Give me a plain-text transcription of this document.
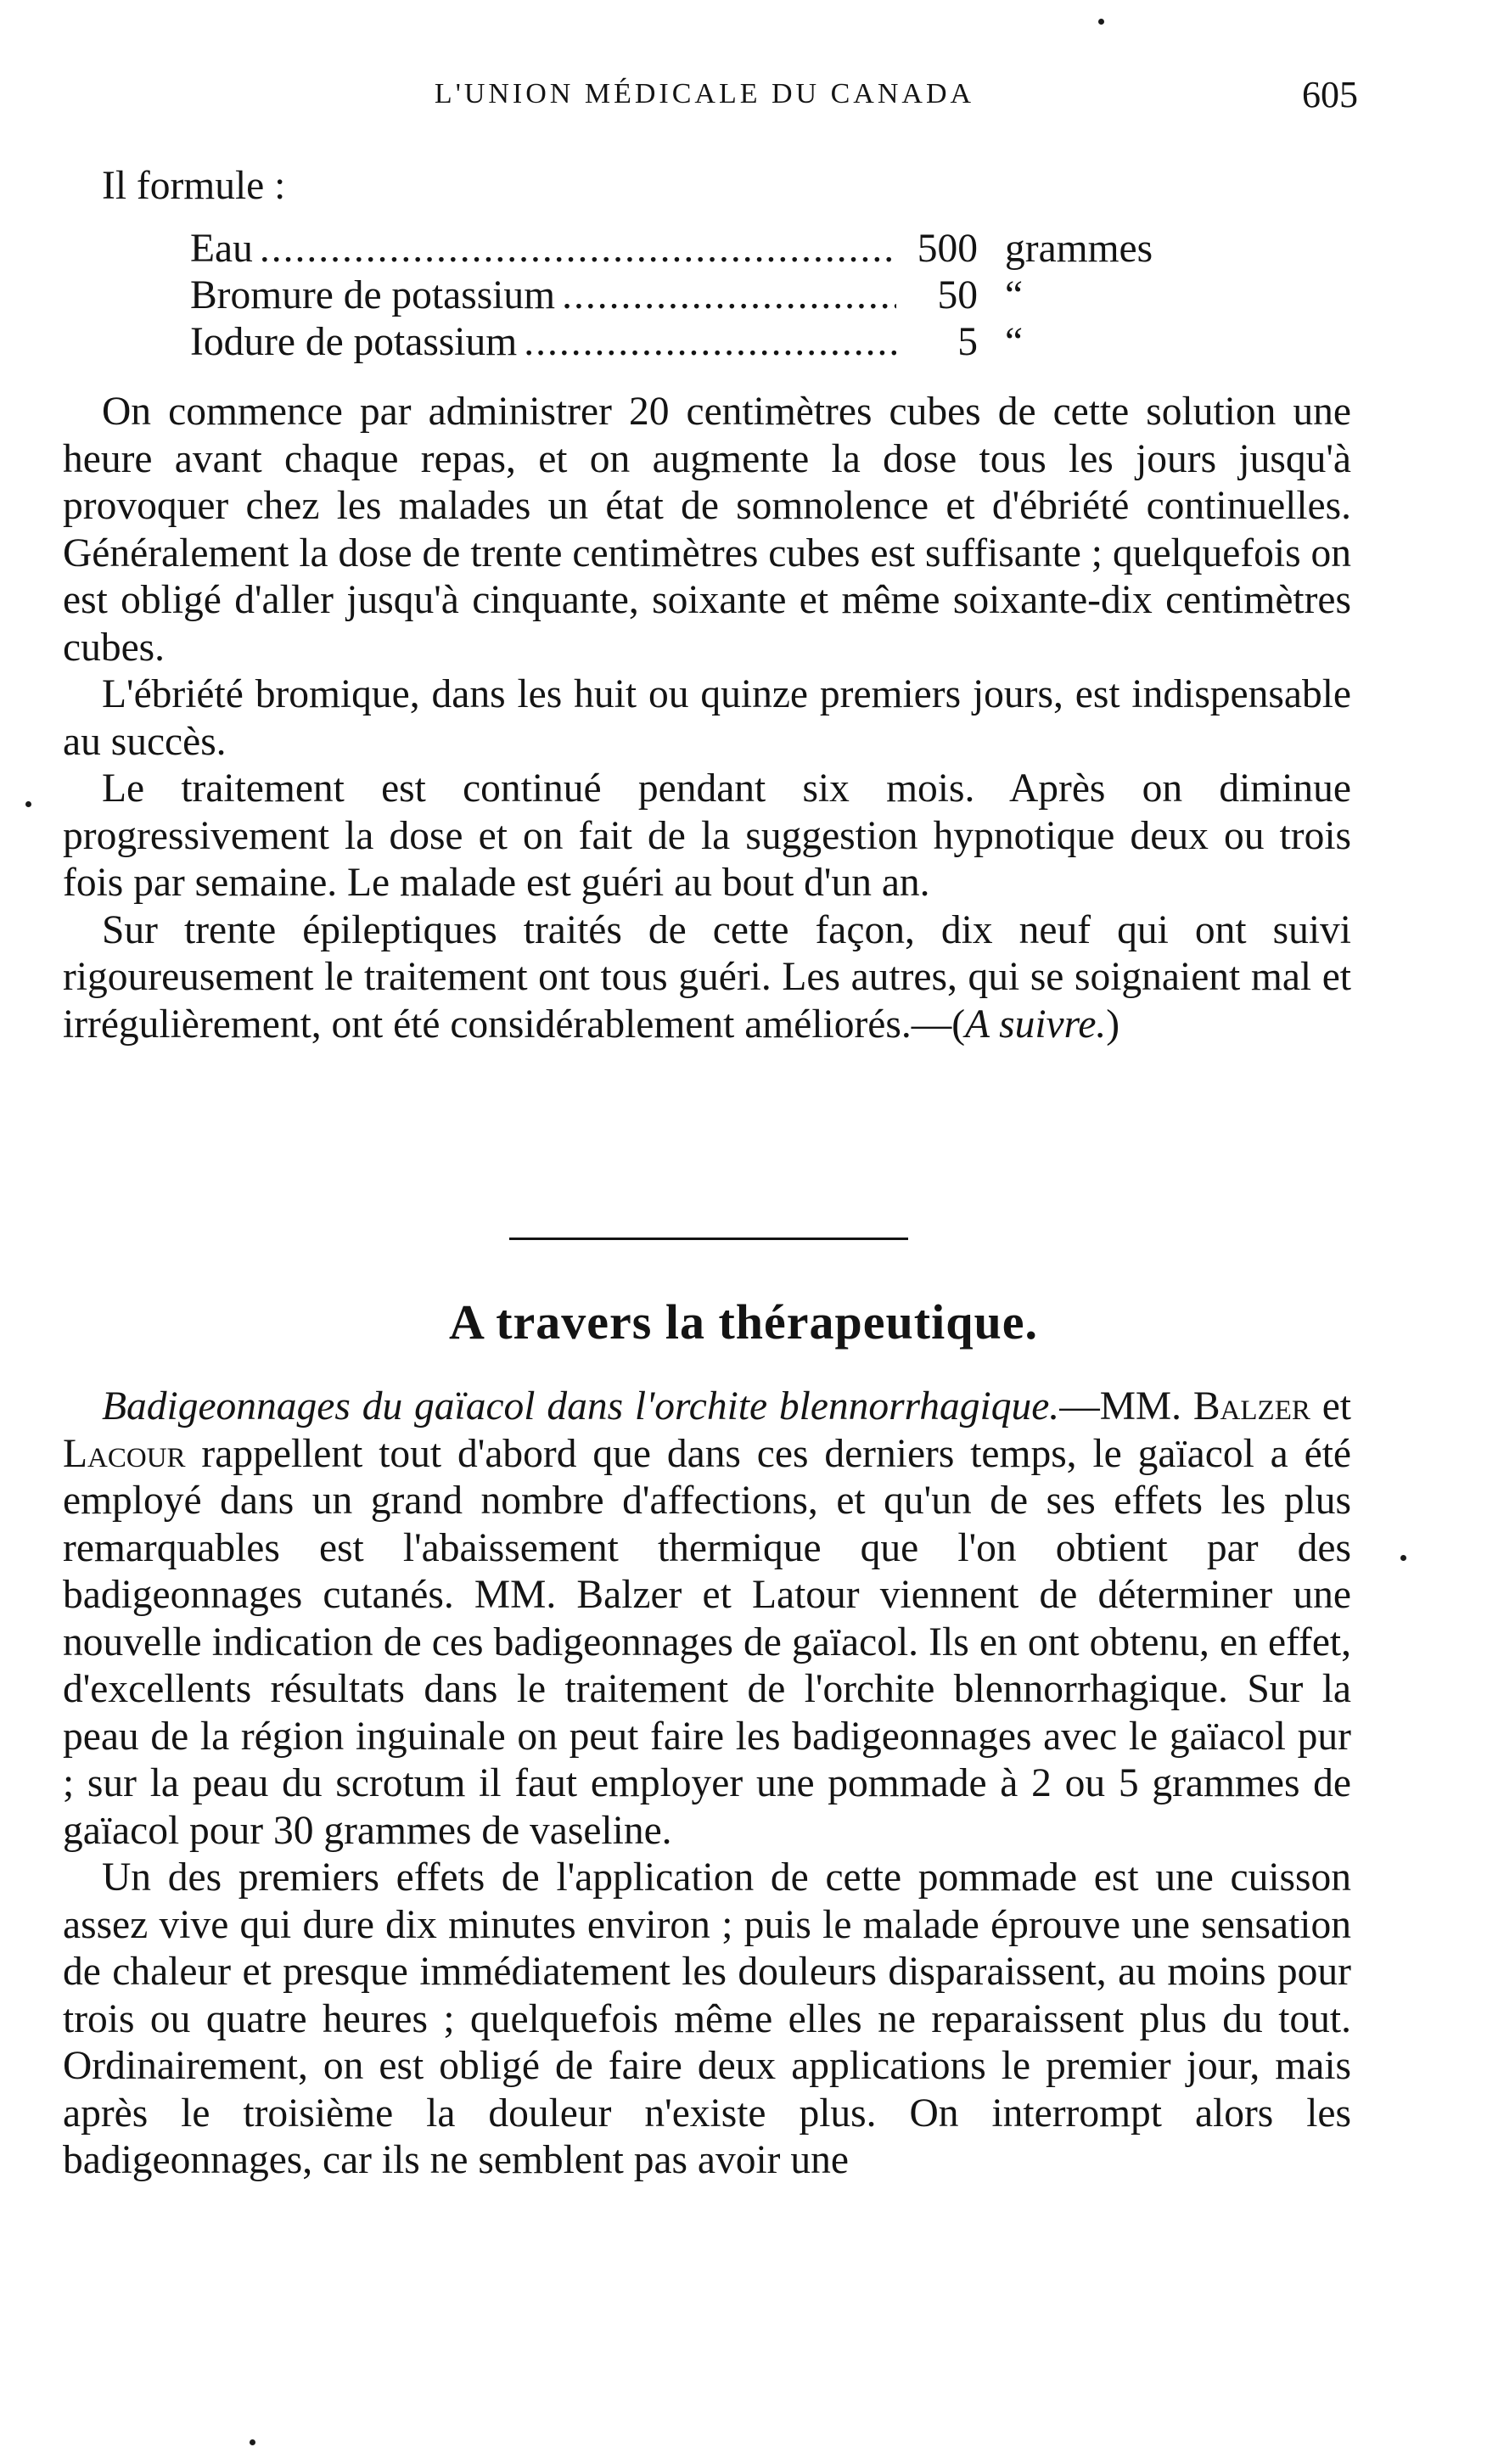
L'UNION MÉDICALE DU CANADA	605
Il formule :
Eau .....	500 grammes
Bromure de potassium .....	50 “
Iodure de potassium .....	5 “

On commence par administrer 20 centimètres cubes de cette solution une heure avant chaque repas, et on augmente la dose tous les jours jusqu'à provoquer chez les malades un état de somnolence et d'ébriété continuelles. Généralement la dose de trente centimètres cubes est suffisante ; quelquefois on est obligé d'aller jusqu'à cinquante, soixante et même soixante-dix centimètres cubes.

L'ébriété bromique, dans les huit ou quinze premiers jours, est indispensable au succès.

Le traitement est continué pendant six mois. Après on diminue progressivement la dose et on fait de la suggestion hypnotique deux ou trois fois par semaine. Le malade est guéri au bout d'un an.

Sur trente épileptiques traités de cette façon, dix neuf qui ont suivi rigoureusement le traitement ont tous guéri. Les autres, qui se soignaient mal et irrégulièrement, ont été considérablement améliorés.—(A suivre.)

A travers la thérapeutique.

Badigeonnages du gaïacol dans l'orchite blennorrhagique.—MM. Balzer et Lacour rappellent tout d'abord que dans ces derniers temps, le gaïacol a été employé dans un grand nombre d'affections, et qu'un de ses effets les plus remarquables est l'abaissement thermique que l'on obtient par des badigeonnages cutanés. MM. Balzer et Latour viennent de déterminer une nouvelle indication de ces badigeonnages de gaïacol. Ils en ont obtenu, en effet, d'excellents résultats dans le traitement de l'orchite blennorrhagique. Sur la peau de la région inguinale on peut faire les badigeonnages avec le gaïacol pur ; sur la peau du scrotum il faut employer une pommade à 2 ou 5 grammes de gaïacol pour 30 grammes de vaseline.

Un des premiers effets de l'application de cette pommade est une cuisson assez vive qui dure dix minutes environ ; puis le malade éprouve une sensation de chaleur et presque immédiatement les douleurs disparaissent, au moins pour trois ou quatre heures ; quelquefois même elles ne reparaissent plus du tout. Ordinairement, on est obligé de faire deux applications le premier jour, mais après le troisième la douleur n'existe plus. On interrompt alors les badigeonnages, car ils ne semblent pas avoir une
